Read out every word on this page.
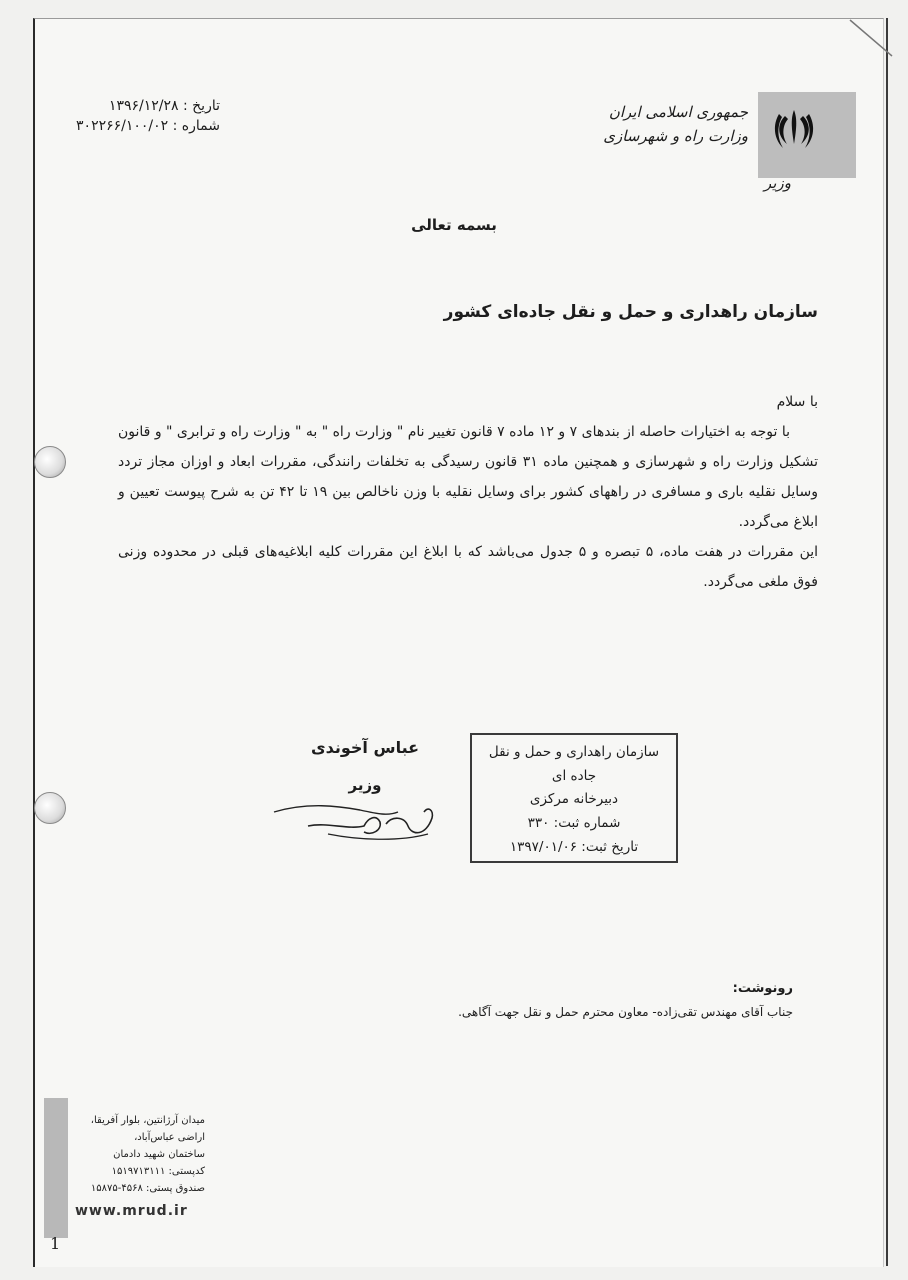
تاریخ : ۱۳۹۶/۱۲/۲۸
شماره : ۳۰۲۲۶۶/۱۰۰/۰۲
جمهوری اسلامی ایران
وزارت راه و شهرسازی
وزیر
بسمه تعالی
سازمان راهداری و حمل و نقل جاده‌ای کشور

با سلام

با توجه به اختیارات حاصله از بندهای ۷ و ۱۲ ماده ۷ قانون تغییر نام " وزارت راه " به " وزارت راه و ترابری " و قانون تشکیل وزارت راه و شهرسازی و همچنین ماده ۳۱ قانون رسیدگی به تخلفات رانندگی، مقررات ابعاد و اوزان مجاز تردد وسایل نقلیه باری و مسافری در راههای کشور برای وسایل نقلیه با وزن ناخالص بین ۱۹ تا ۴۲ تن به شرح پیوست تعیین و ابلاغ می‌گردد.

این مقررات در هفت ماده، ۵ تبصره و ۵ جدول می‌باشد که با ابلاغ این مقررات کلیه ابلاغیه‌های قبلی در محدوده وزنی فوق ملغی می‌گردد.

عباس آخوندی
وزیر
سازمان راهداری و حمل و نقل جاده ای
دبیرخانه مرکزی
شماره ثبت: ۳۳۰
تاریخ ثبت: ۱۳۹۷/۰۱/۰۶
رونوشت:
جناب آقای مهندس تقی‌زاده- معاون محترم حمل و نقل جهت آگاهی.
میدان آرژانتین، بلوار آفریقا،
اراضی عباس‌آباد،
ساختمان شهید دادمان
کدپستی: ۱۵۱۹۷۱۳۱۱۱
صندوق پستی: ۴۵۶۸-۱۵۸۷۵
www.mrud.ir
1
